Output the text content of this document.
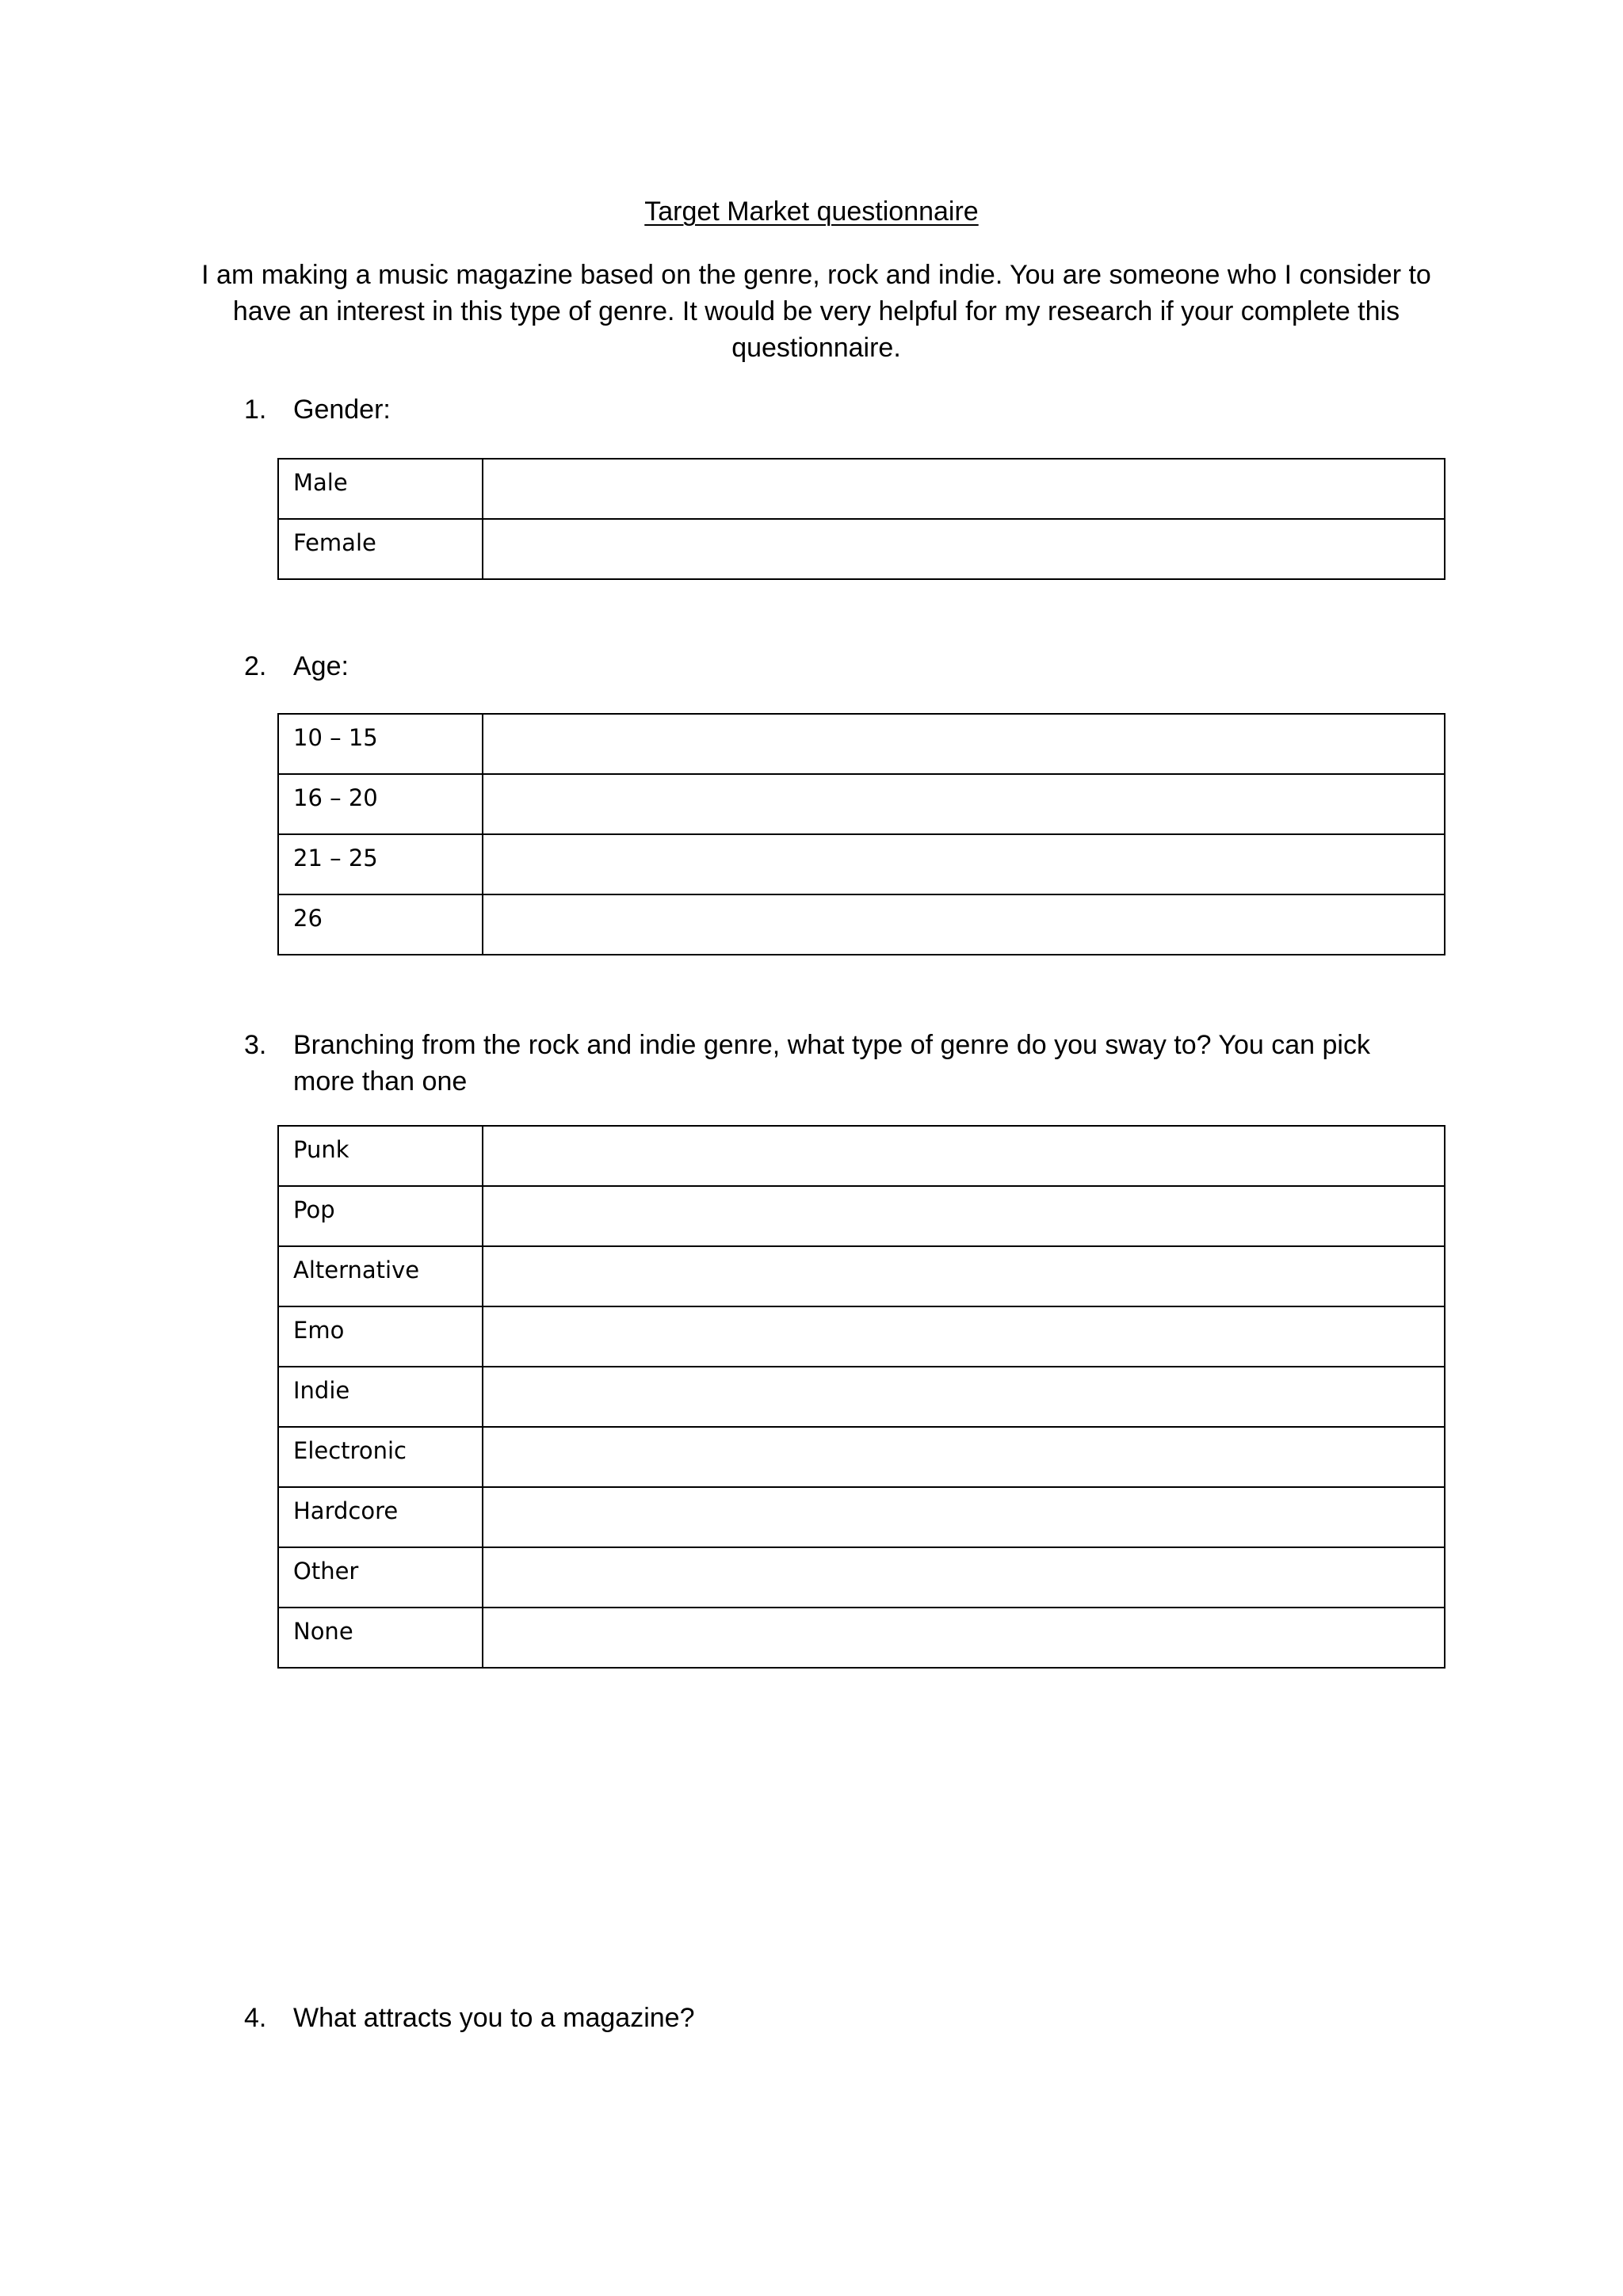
Target Market questionnaire
I am making a music magazine based on the genre, rock and indie. You are someone who I consider to have an interest in this type of genre. It would be very helpful for my research if your complete this questionnaire.
1. Gender:
Male	
Female	
2. Age:
10 – 15	
16 – 20	
21 – 25	
26	
3. Branching from the rock and indie genre, what type of genre do you sway to? You can pick more than one
Punk	
Pop	
Alternative	
Emo	
Indie	
Electronic	
Hardcore	
Other	
None	
4. What attracts you to a magazine?
